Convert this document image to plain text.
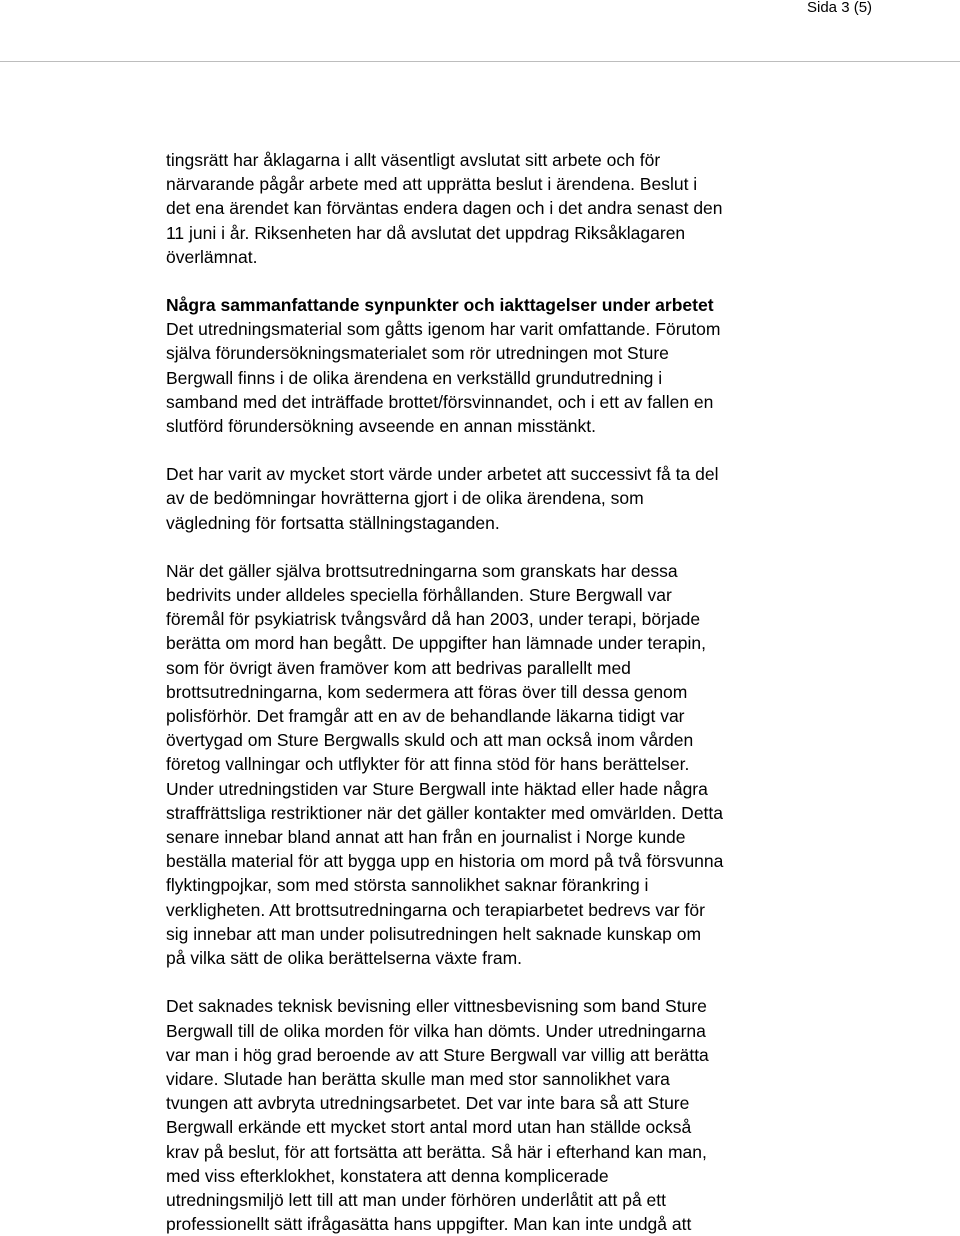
Riksenheten för polismål, Malmö
Överåklagare
Datum
2012-05-14
Dnr
Sida 3 (5)
tingsrätt har åklagarna i allt väsentligt avslutat sitt arbete och för
närvarande pågår arbete med att upprätta beslut i ärendena. Beslut i
det ena ärendet kan förväntas endera dagen och i det andra senast den
11 juni i år. Riksenheten har då avslutat det uppdrag Riksåklagaren
överlämnat.
Några sammanfattande synpunkter och iakttagelser under arbetet
Det utredningsmaterial som gåtts igenom har varit omfattande. Förutom
själva förundersökningsmaterialet som rör utredningen mot Sture
Bergwall finns i de olika ärendena en verkställd grundutredning i
samband med det inträffade brottet/försvinnandet, och i ett av fallen en
slutförd förundersökning avseende en annan misstänkt.
Det har varit av mycket stort värde under arbetet att successivt få ta del
av de bedömningar hovrätterna gjort i de olika ärendena, som
vägledning för fortsatta ställningstaganden.
När det gäller själva brottsutredningarna som granskats har dessa
bedrivits under alldeles speciella förhållanden. Sture Bergwall var
föremål för psykiatrisk tvångsvård då han 2003, under terapi, började
berätta om mord han begått. De uppgifter han lämnade under terapin,
som för övrigt även framöver kom att bedrivas parallellt med
brottsutredningarna, kom sedermera att föras över till dessa genom
polisförhör. Det framgår att en av de behandlande läkarna tidigt var
övertygad om Sture Bergwalls skuld och att man också inom vården
företog vallningar och utflykter för att finna stöd för hans berättelser.
Under utredningstiden var Sture Bergwall inte häktad eller hade några
straffrättsliga restriktioner när det gäller kontakter med omvärlden. Detta
senare innebar bland annat att han från en journalist i Norge kunde
beställa material för att bygga upp en historia om mord på två försvunna
flyktingpojkar, som med största sannolikhet saknar förankring i
verkligheten. Att brottsutredningarna och terapiarbetet bedrevs var för
sig innebar att man under polisutredningen helt saknade kunskap om
på vilka sätt de olika berättelserna växte fram.
Det saknades teknisk bevisning eller vittnesbevisning som band Sture
Bergwall till de olika morden för vilka han dömts. Under utredningarna
var man i hög grad beroende av att Sture Bergwall var villig att berätta
vidare. Slutade han berätta skulle man med stor sannolikhet vara
tvungen att avbryta utredningsarbetet. Det var inte bara så att Sture
Bergwall erkände ett mycket stort antal mord utan han ställde också
krav på beslut, för att fortsätta att berätta. Så här i efterhand kan man,
med viss efterklokhet, konstatera att denna komplicerade
utredningsmiljö lett till att man under förhören underlåtit att på ett
professionellt sätt ifrågasätta hans uppgifter. Man kan inte undgå att
